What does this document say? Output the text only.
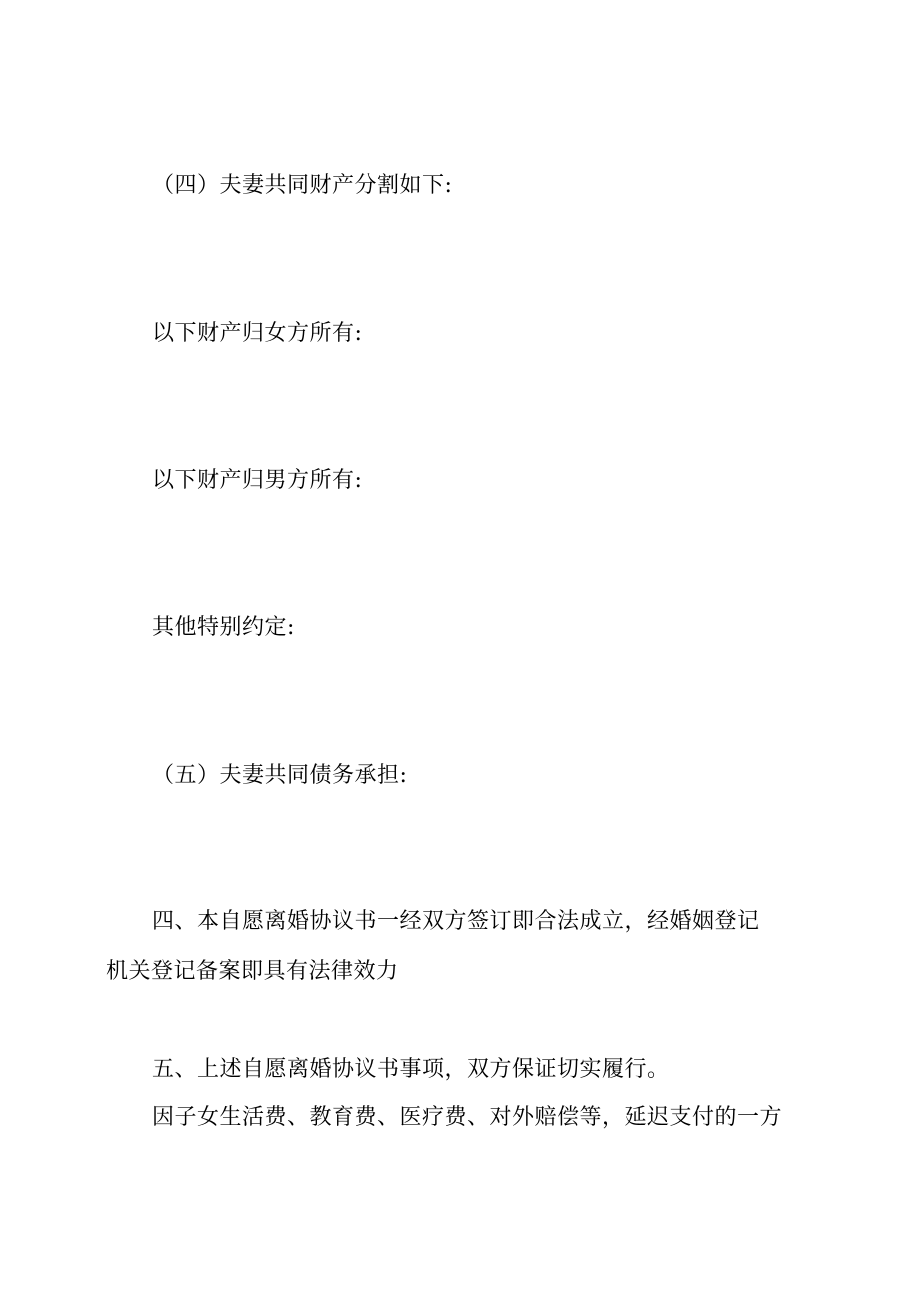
（四）夫妻共同财产分割如下:
以下财产归女方所有:
以下财产归男方所有:
其他特别约定:
（五）夫妻共同债务承担:
四、本自愿离婚协议书一经双方签订即合法成立，经婚姻登记
机关登记备案即具有法律效力
五、上述自愿离婚协议书事项，双方保证切实履行。
因子女生活费、教育费、医疗费、对外赔偿等，延迟支付的一方
